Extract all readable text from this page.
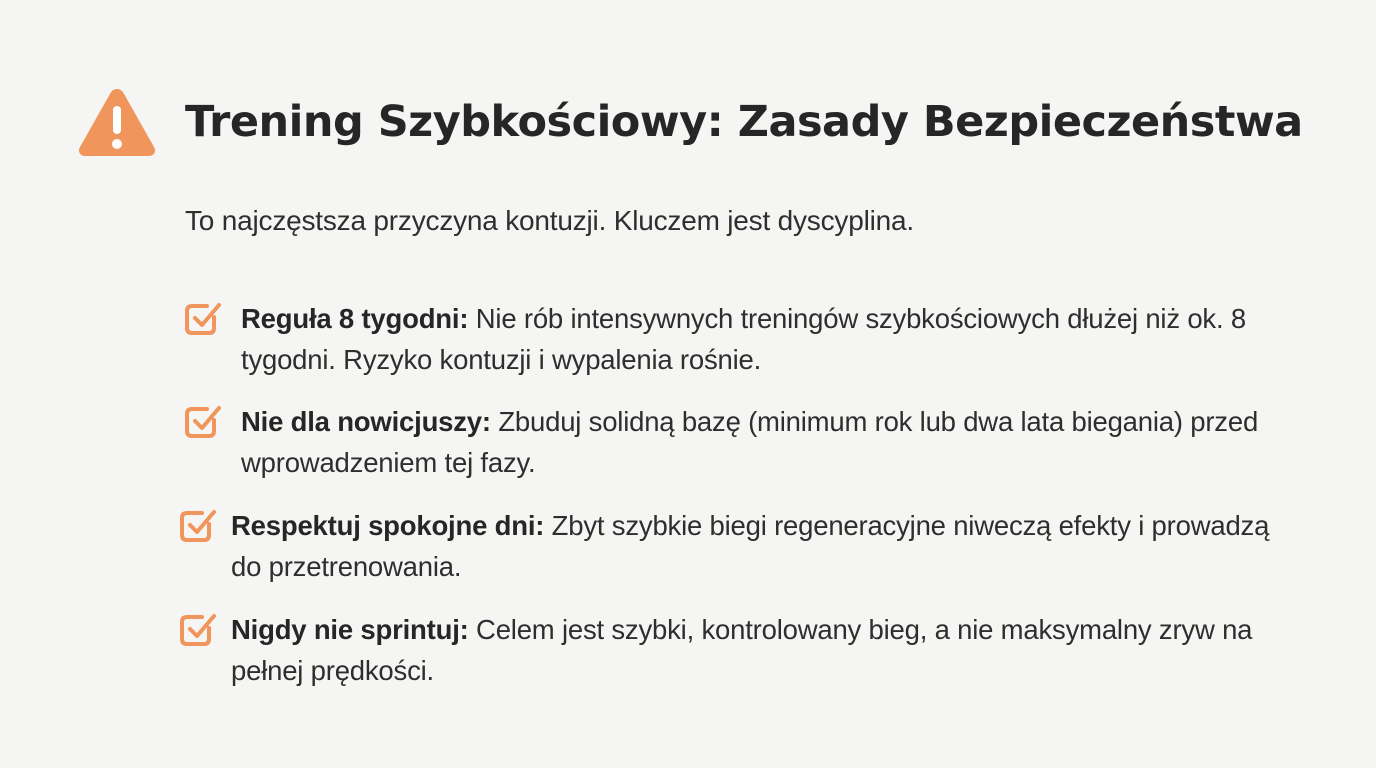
Trening Szybkościowy: Zasady Bezpieczeństwa
To najczęstsza przyczyna kontuzji. Kluczem jest dyscyplina.
Reguła 8 tygodni: Nie rób intensywnych treningów szybkościowych dłużej niż ok. 8 tygodni. Ryzyko kontuzji i wypalenia rośnie.
Nie dla nowicjuszy: Zbuduj solidną bazę (minimum rok lub dwa lata biegania) przed wprowadzeniem tej fazy.
Respektuj spokojne dni: Zbyt szybkie biegi regeneracyjne niweczą efekty i prowadzą do przetrenowania.
Nigdy nie sprintuj: Celem jest szybki, kontrolowany bieg, a nie maksymalny zryw na pełnej prędkości.
